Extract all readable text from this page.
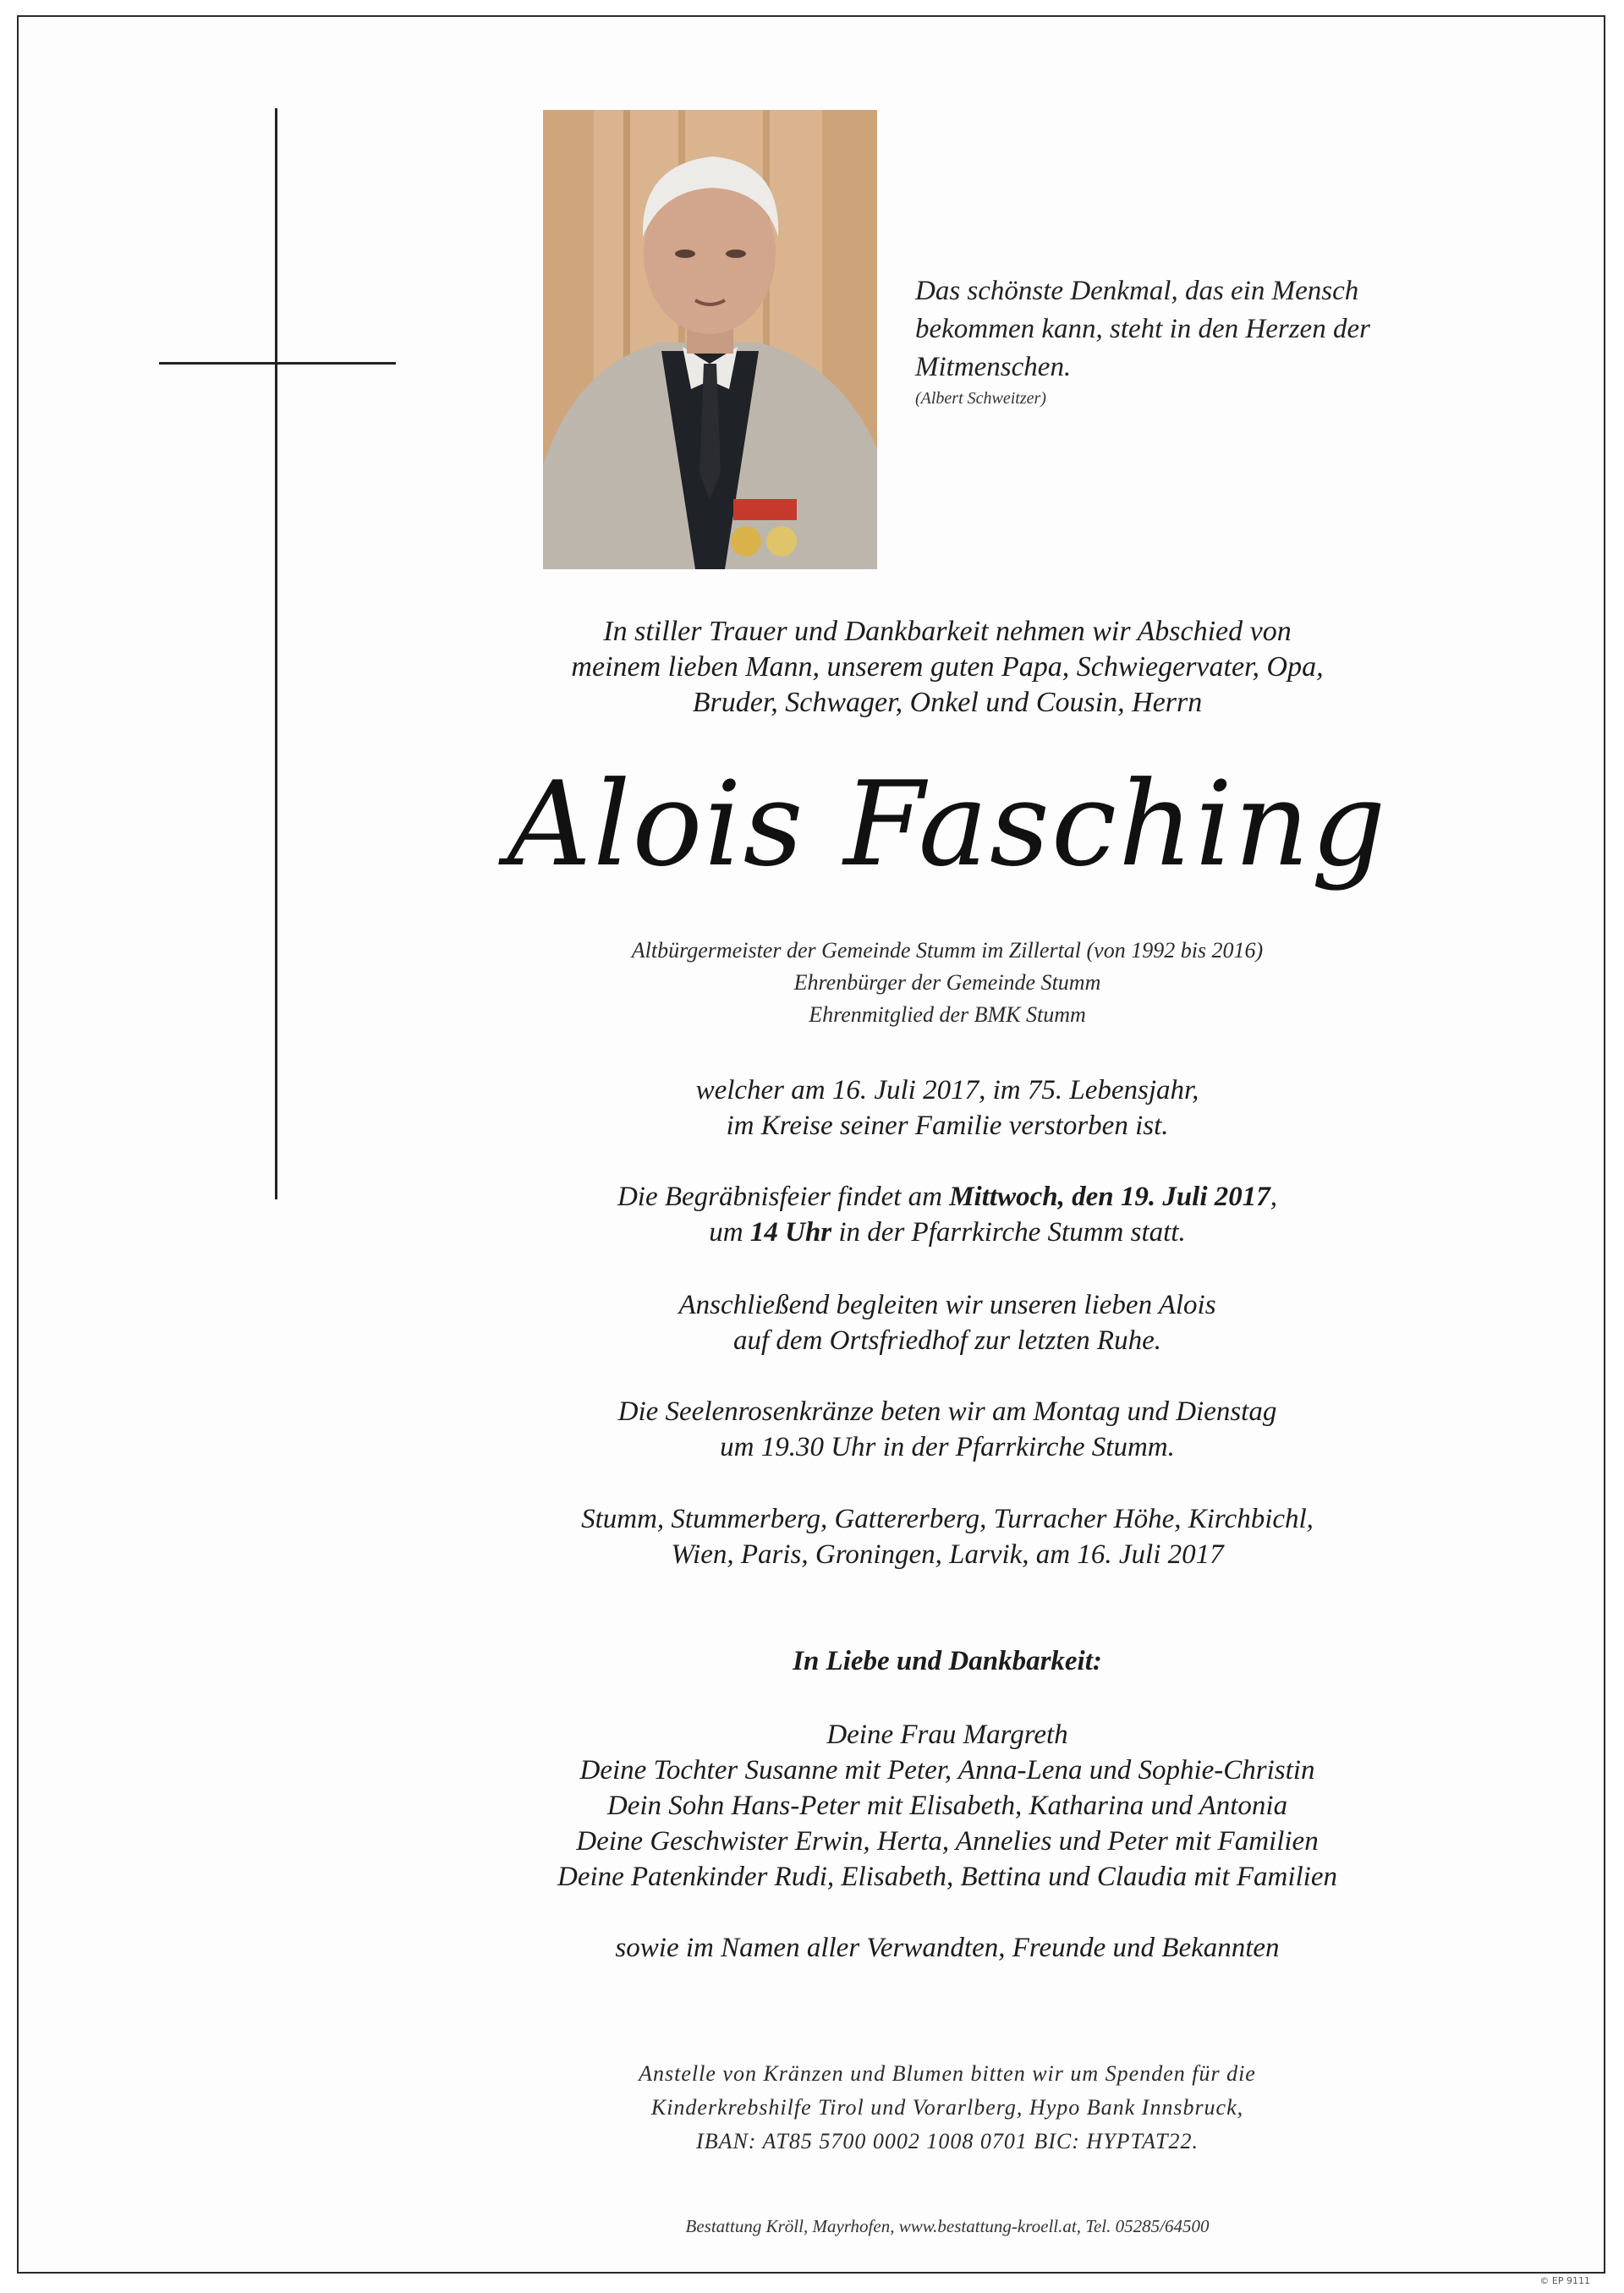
Das schönste Denkmal, das ein Mensch
bekommen kann, steht in den Herzen der
Mitmenschen.
(Albert Schweitzer)
In stiller Trauer und Dankbarkeit nehmen wir Abschied von
meinem lieben Mann, unserem guten Papa, Schwiegervater, Opa,
Bruder, Schwager, Onkel und Cousin, Herrn
Alois Fasching
Altbürgermeister der Gemeinde Stumm im Zillertal (von 1992 bis 2016)
Ehrenbürger der Gemeinde Stumm
Ehrenmitglied der BMK Stumm
welcher am 16. Juli 2017, im 75. Lebensjahr,
im Kreise seiner Familie verstorben ist.
Die Begräbnisfeier findet am Mittwoch, den 19. Juli 2017,
um 14 Uhr in der Pfarrkirche Stumm statt.
Anschließend begleiten wir unseren lieben Alois
auf dem Ortsfriedhof zur letzten Ruhe.
Die Seelenrosenkränze beten wir am Montag und Dienstag
um 19.30 Uhr in der Pfarrkirche Stumm.
Stumm, Stummerberg, Gattererberg, Turracher Höhe, Kirchbichl,
Wien, Paris, Groningen, Larvik, am 16. Juli 2017
In Liebe und Dankbarkeit:
Deine Frau Margreth
Deine Tochter Susanne mit Peter, Anna-Lena und Sophie-Christin
Dein Sohn Hans-Peter mit Elisabeth, Katharina und Antonia
Deine Geschwister Erwin, Herta, Annelies und Peter mit Familien
Deine Patenkinder Rudi, Elisabeth, Bettina und Claudia mit Familien
sowie im Namen aller Verwandten, Freunde und Bekannten
Anstelle von Kränzen und Blumen bitten wir um Spenden für die
Kinderkrebshilfe Tirol und Vorarlberg, Hypo Bank Innsbruck,
IBAN: AT85 5700 0002 1008 0701 BIC: HYPTAT22.
Bestattung Kröll, Mayrhofen, www.bestattung-kroell.at, Tel. 05285/64500
© EP 9111
